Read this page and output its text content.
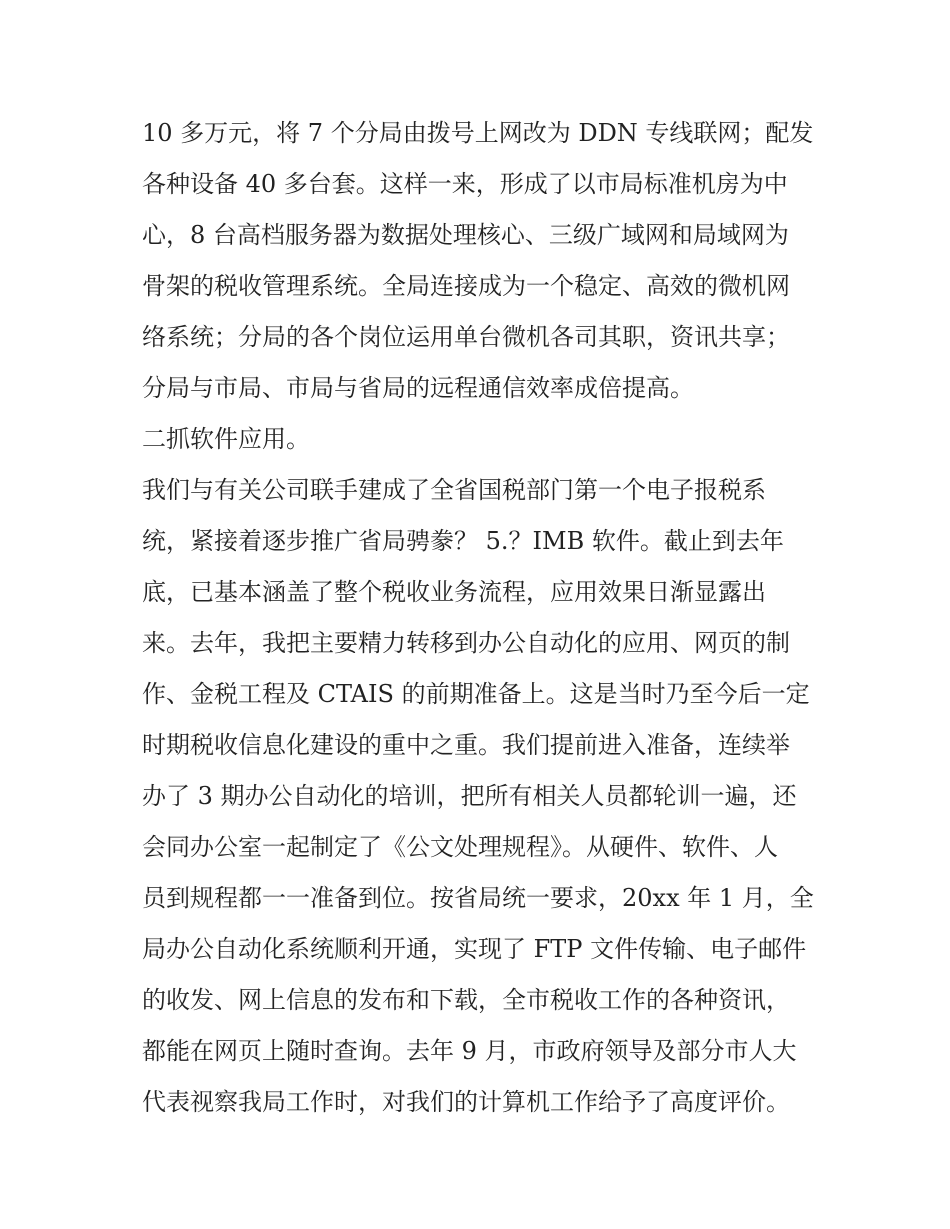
10 多万元，将 7 个分局由拨号上网改为 DDN 专线联网；配发
各种设备 40 多台套。这样一来，形成了以市局标准机房为中
心，8 台高档服务器为数据处理核心、三级广域网和局域网为
骨架的税收管理系统。全局连接成为一个稳定、高效的微机网
络系统；分局的各个岗位运用单台微机各司其职，资讯共享；
分局与市局、市局与省局的远程通信效率成倍提高。
二抓软件应用。
我们与有关公司联手建成了全省国税部门第一个电子报税系
统，紧接着逐步推广省局骋豢？ 5.？IMB 软件。截止到去年
底，已基本涵盖了整个税收业务流程，应用效果日渐显露出
来。去年，我把主要精力转移到办公自动化的应用、网页的制
作、金税工程及 CTAIS 的前期准备上。这是当时乃至今后一定
时期税收信息化建设的重中之重。我们提前进入准备，连续举
办了 3 期办公自动化的培训，把所有相关人员都轮训一遍，还
会同办公室一起制定了《公文处理规程》。从硬件、软件、人
员到规程都一一准备到位。按省局统一要求，20xx 年 1 月，全
局办公自动化系统顺利开通，实现了 FTP 文件传输、电子邮件
的收发、网上信息的发布和下载，全市税收工作的各种资讯，
都能在网页上随时查询。去年 9 月，市政府领导及部分市人大
代表视察我局工作时，对我们的计算机工作给予了高度评价。
